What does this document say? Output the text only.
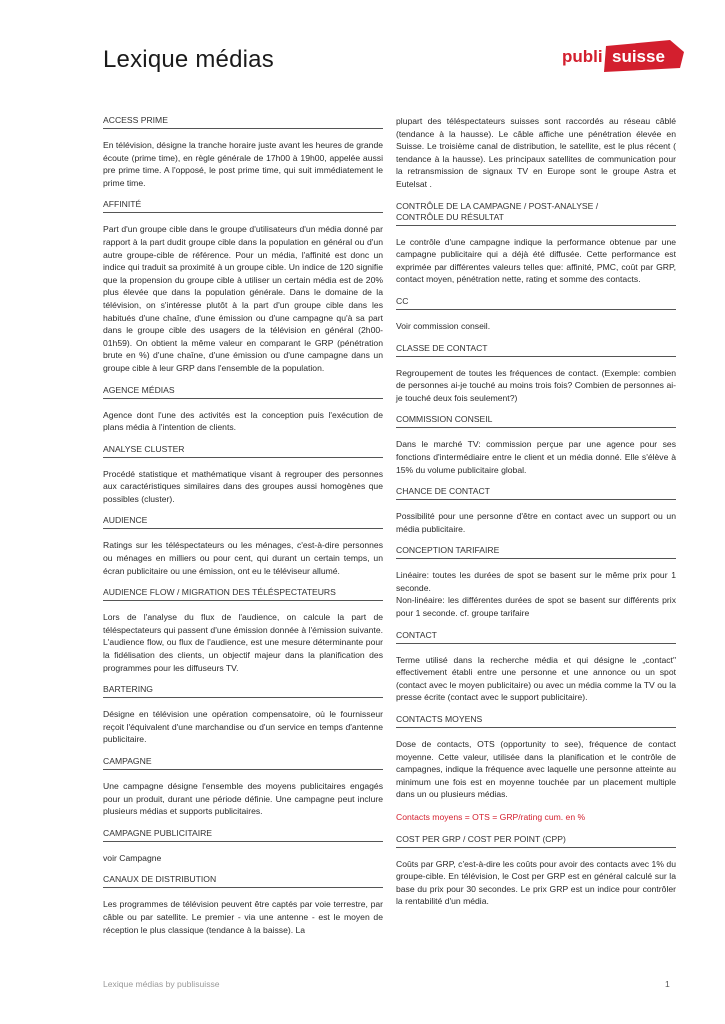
Lexique médias	publi suisse
ACCESS PRIME

En télévision, désigne la tranche horaire juste avant les heures de grande écoute (prime time), en règle générale de 17h00 à 19h00, appelée aussi pre prime time. A l'opposé, le post prime time, qui suit immédiatement le prime time.

AFFINITÉ

Part d'un groupe cible dans le groupe d'utilisateurs d'un média donné par rapport à la part dudit groupe cible dans la population en général ou d'un autre groupe-cible de référence. Pour un média, l'affinité est donc un indice qui traduit sa proximité à un groupe cible. Un indice de 120 signifie que la propension du groupe cible à utiliser un certain média est de 20% plus élevée que dans la population générale. Dans le domaine de la télévision, on s'intéresse plutôt à la part d'un groupe cible dans les habitués d'une chaîne, d'une émission ou d'une campagne qu'à sa part dans le groupe cible des usagers de la télévision en général (2h00-01h59). On obtient la même valeur en comparant le GRP (pénétration brute en %) d'une chaîne, d'une émission ou d'une campagne dans un groupe cible à leur GRP dans l'ensemble de la population.

AGENCE MÉDIAS

Agence dont l'une des activités est la conception puis l'exécution de plans média à l'intention de clients.

ANALYSE CLUSTER

Procédé statistique et mathématique visant à regrouper des personnes aux caractéristiques similaires dans des groupes aussi homogènes que possibles (cluster).

AUDIENCE

Ratings sur les téléspectateurs ou les ménages, c'est-à-dire personnes ou ménages en milliers ou pour cent, qui durant un certain temps, un écran publicitaire ou une émission, ont eu le téléviseur allumé.

AUDIENCE FLOW / MIGRATION DES TÉLÉSPECTATEURS

Lors de l'analyse du flux de l'audience, on calcule la part de téléspectateurs qui passent d'une émission donnée à l'émission suivante. L'audience flow, ou flux de l'audience, est une mesure déterminante pour la fidélisation des clients, un objectif majeur dans la planification des programmes pour les diffuseurs TV.

BARTERING

Désigne en télévision une opération compensatoire, où le fournisseur reçoit l'équivalent d'une marchandise ou d'un service en temps d'antenne publicitaire.

CAMPAGNE

Une campagne désigne l'ensemble des moyens publicitaires engagés pour un produit, durant une période définie. Une campagne peut inclure plusieurs médias et supports publicitaires.

CAMPAGNE PUBLICITAIRE

voir Campagne

CANAUX DE DISTRIBUTION

Les programmes de télévision peuvent être captés par voie terrestre, par câble ou par satellite. Le premier - via une antenne - est le moyen de réception le plus classique (tendance à la baisse). La

plupart des téléspectateurs suisses sont raccordés au réseau câblé (tendance à la hausse). Le câble affiche une pénétration élevée en Suisse. Le troisième canal de distribution, le satellite, est le plus récent ( tendance à la hausse). Les principaux satellites de communication pour la retransmission de signaux TV en Europe sont le groupe Astra et Eutelsat .

CONTRÔLE DE LA CAMPAGNE / POST-ANALYSE /
CONTRÔLE DU RÉSULTAT

Le contrôle d'une campagne indique la performance obtenue par une campagne publicitaire qui a déjà été diffusée. Cette performance est exprimée par différentes valeurs telles que: affinité, PMC, coût par GRP, contact moyen, pénétration nette, rating et somme des contacts.

CC

Voir commission conseil.

CLASSE DE CONTACT

Regroupement de toutes les fréquences de contact. (Exemple: combien de personnes ai-je touché au moins trois fois? Combien de personnes ai-je touché deux fois seulement?)

COMMISSION CONSEIL

Dans le marché TV: commission perçue par une agence pour ses fonctions d'intermédiaire entre le client et un média donné. Elle s'élève à 15% du volume publicitaire global.

CHANCE DE CONTACT

Possibilité pour une personne d'être en contact avec un support ou un média publicitaire.

CONCEPTION TARIFAIRE

Linéaire: toutes les durées de spot se basent sur le même prix pour 1 seconde.
Non-linéaire: les différentes durées de spot se basent sur différents prix pour 1 seconde. cf. groupe tarifaire

CONTACT

Terme utilisé dans la recherche média et qui désigne le „contact" effectivement établi entre une personne et une annonce ou un spot (contact avec le moyen publicitaire) ou avec un média comme la TV ou la presse écrite (contact avec le support publicitaire).

CONTACTS MOYENS

Dose de contacts, OTS (opportunity to see), fréquence de contact moyenne. Cette valeur, utilisée dans la planification et le contrôle de campagnes, indique la fréquence avec laquelle une personne atteinte au minimum une fois est en moyenne touchée par un placement multiple dans un ou plusieurs médias.

Contacts moyens = OTS = GRP/rating cum. en %

COST PER GRP / COST PER POINT (CPP)

Coûts par GRP, c'est-à-dire les coûts pour avoir des contacts avec 1% du groupe-cible. En télévision, le Cost per GRP est en général calculé sur la base du prix pour 30 secondes. Le prix GRP est un indice pour contrôler la rentabilité d'un média.

Lexique médias by publisuisse	1
